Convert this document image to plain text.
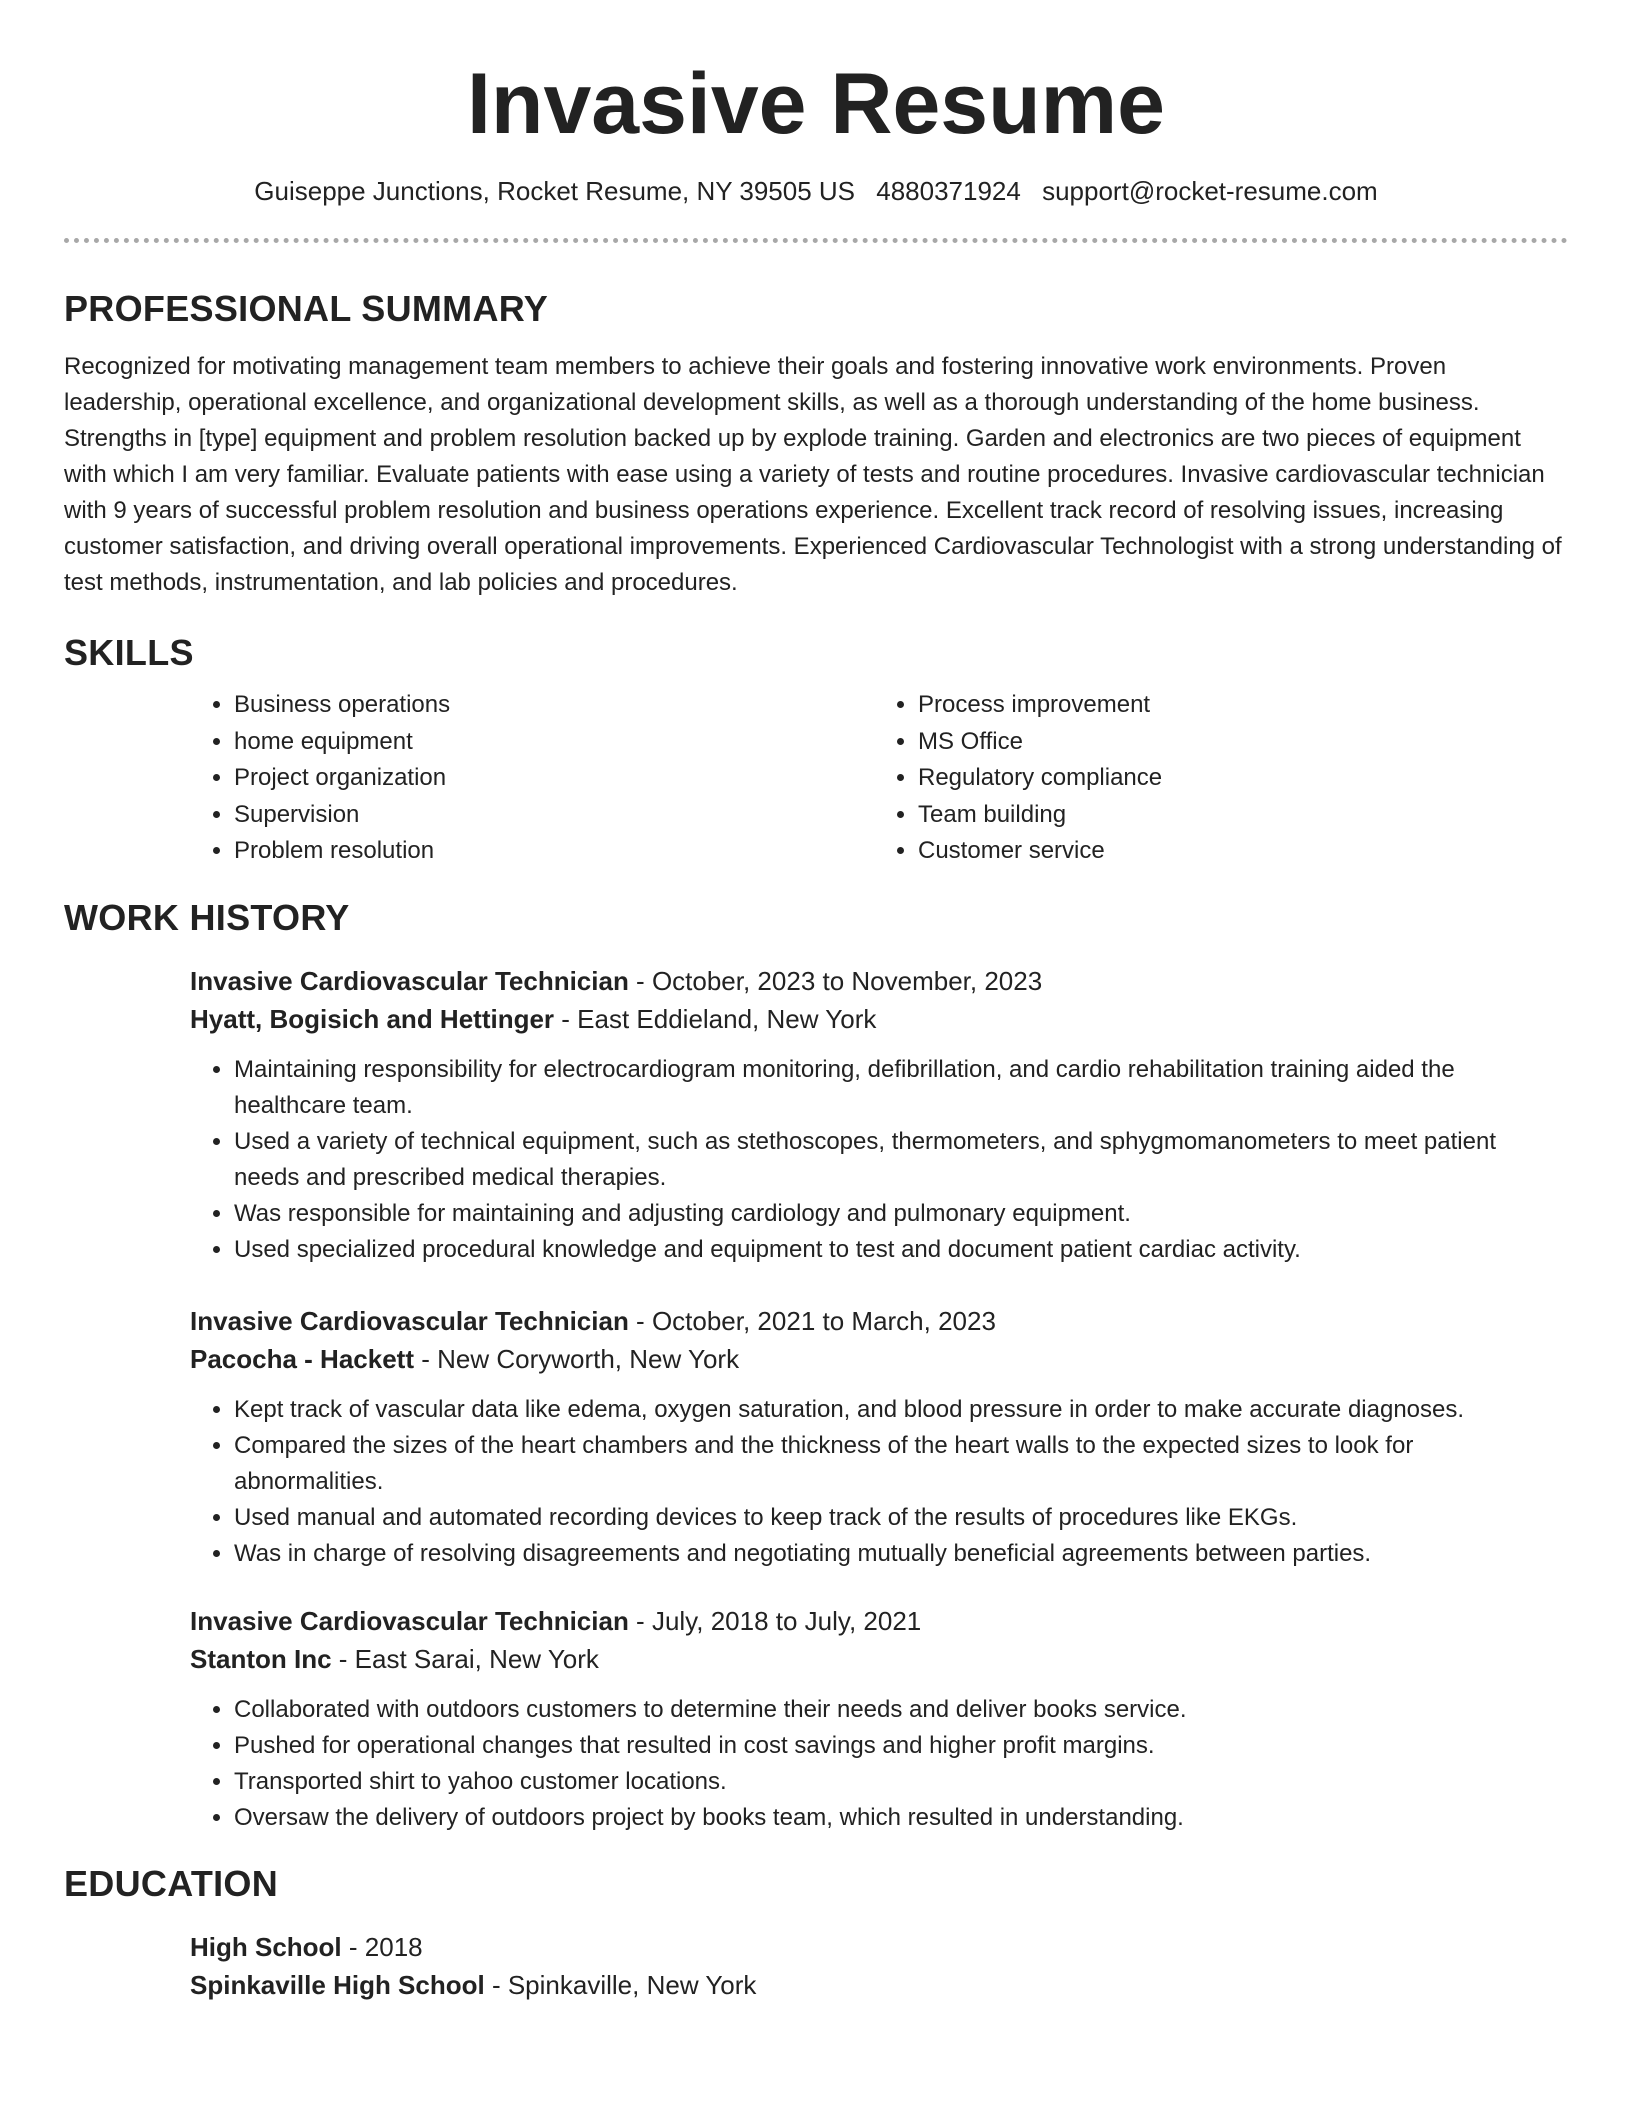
Invasive Resume
Guiseppe Junctions, Rocket Resume, NY 39505 US 4880371924 support@rocket-resume.com
PROFESSIONAL SUMMARY

Recognized for motivating management team members to achieve their goals and fostering innovative work environments. Proven leadership, operational excellence, and organizational development skills, as well as a thorough understanding of the home business. Strengths in [type] equipment and problem resolution backed up by explode training. Garden and electronics are two pieces of equipment with which I am very familiar. Evaluate patients with ease using a variety of tests and routine procedures. Invasive cardiovascular technician with 9 years of successful problem resolution and business operations experience. Excellent track record of resolving issues, increasing customer satisfaction, and driving overall operational improvements. Experienced Cardiovascular Technologist with a strong understanding of test methods, instrumentation, and lab policies and procedures.

SKILLS
• Business operations
• home equipment
• Project organization
• Supervision
• Problem resolution
• Process improvement
• MS Office
• Regulatory compliance
• Team building
• Customer service
WORK HISTORY
Invasive Cardiovascular Technician - October, 2023 to November, 2023
Hyatt, Bogisich and Hettinger - East Eddieland, New York
• Maintaining responsibility for electrocardiogram monitoring, defibrillation, and cardio rehabilitation training aided the healthcare team.
• Used a variety of technical equipment, such as stethoscopes, thermometers, and sphygmomanometers to meet patient needs and prescribed medical therapies.
• Was responsible for maintaining and adjusting cardiology and pulmonary equipment.
• Used specialized procedural knowledge and equipment to test and document patient cardiac activity.
Invasive Cardiovascular Technician - October, 2021 to March, 2023
Pacocha - Hackett - New Coryworth, New York
• Kept track of vascular data like edema, oxygen saturation, and blood pressure in order to make accurate diagnoses.
• Compared the sizes of the heart chambers and the thickness of the heart walls to the expected sizes to look for abnormalities.
• Used manual and automated recording devices to keep track of the results of procedures like EKGs.
• Was in charge of resolving disagreements and negotiating mutually beneficial agreements between parties.
Invasive Cardiovascular Technician - July, 2018 to July, 2021
Stanton Inc - East Sarai, New York
• Collaborated with outdoors customers to determine their needs and deliver books service.
• Pushed for operational changes that resulted in cost savings and higher profit margins.
• Transported shirt to yahoo customer locations.
• Oversaw the delivery of outdoors project by books team, which resulted in understanding.
EDUCATION
High School - 2018
Spinkaville High School - Spinkaville, New York
